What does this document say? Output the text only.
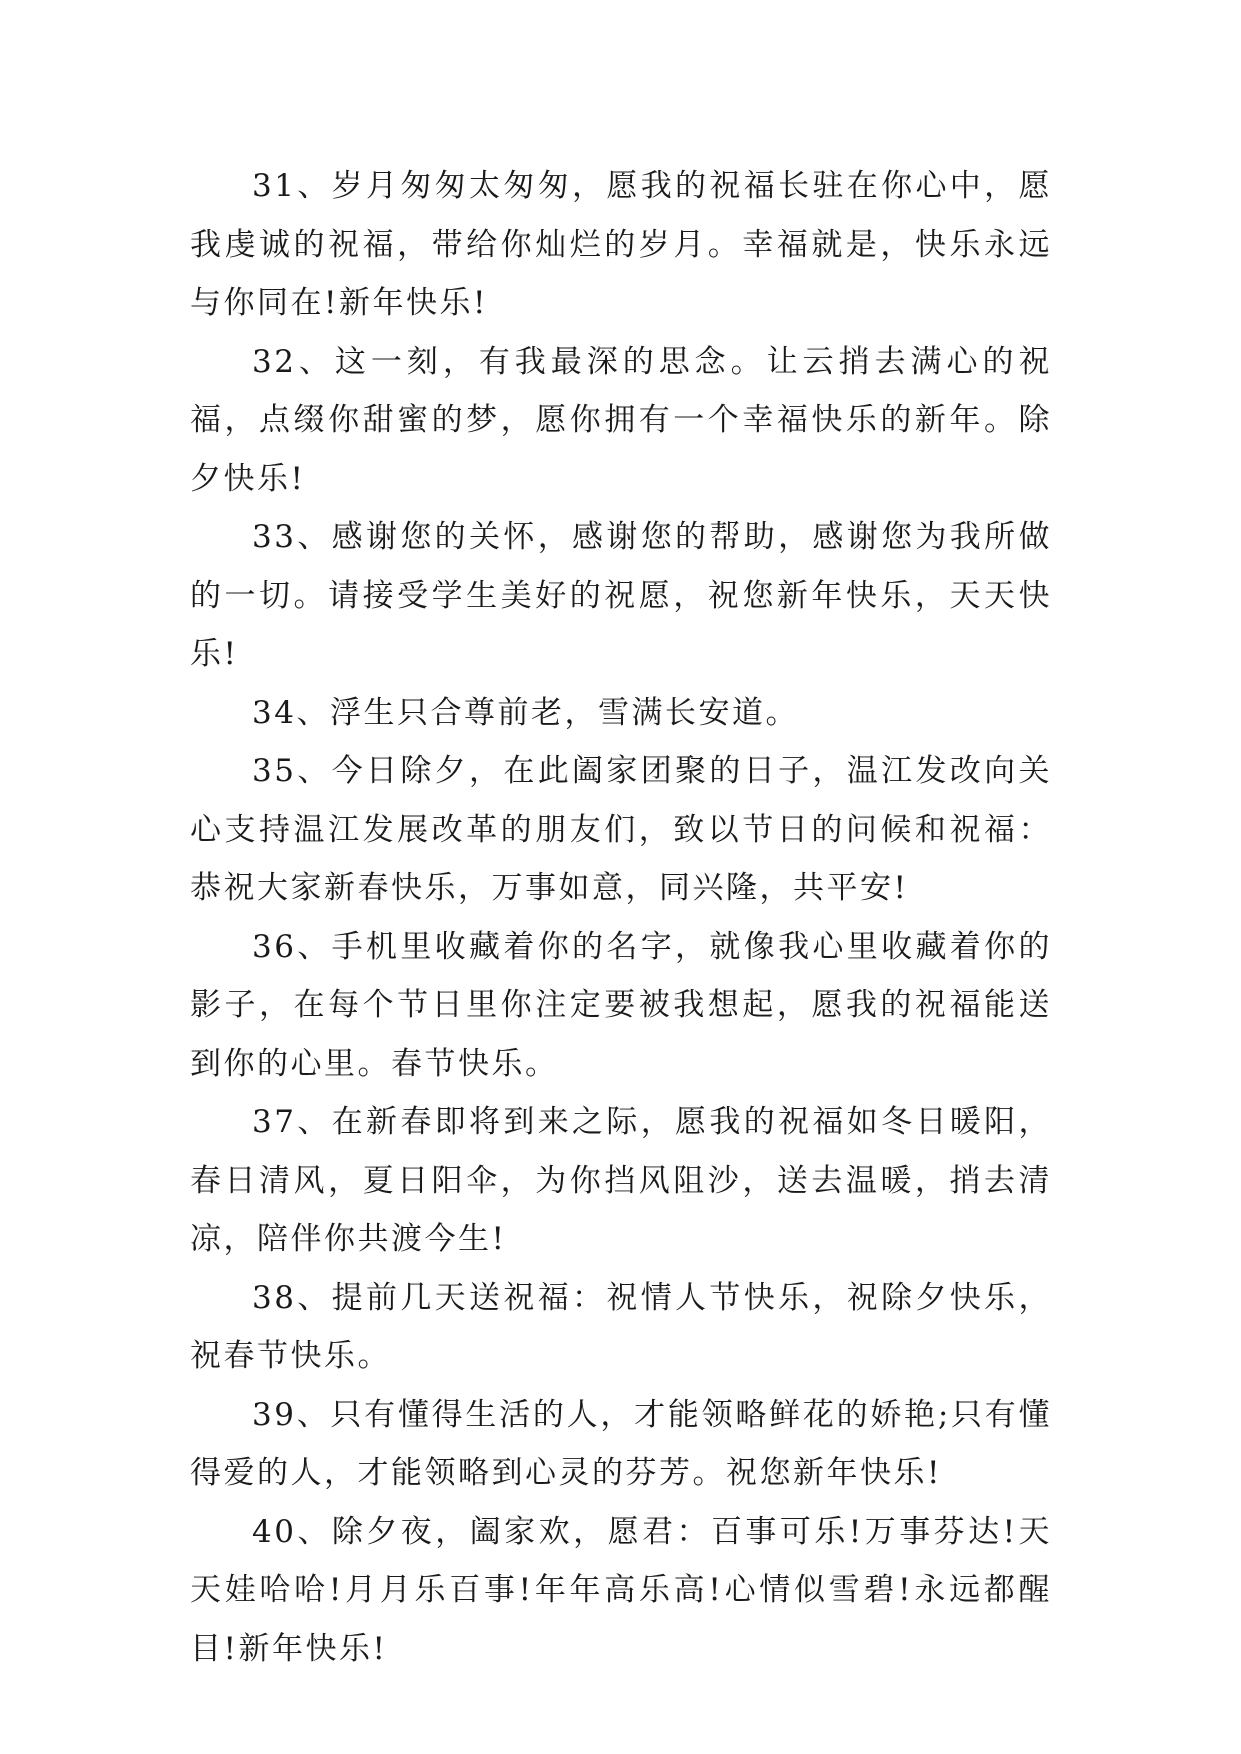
31、岁月匆匆太匆匆，愿我的祝福长驻在你心中，愿我虔诚的祝福，带给你灿烂的岁月。幸福就是，快乐永远与你同在!新年快乐!

32、这一刻，有我最深的思念。让云捎去满心的祝福，点缀你甜蜜的梦，愿你拥有一个幸福快乐的新年。除夕快乐!

33、感谢您的关怀，感谢您的帮助，感谢您为我所做的一切。请接受学生美好的祝愿，祝您新年快乐，天天快乐!

34、浮生只合尊前老，雪满长安道。

35、今日除夕，在此阖家团聚的日子，温江发改向关心支持温江发展改革的朋友们，致以节日的问候和祝福：恭祝大家新春快乐，万事如意，同兴隆，共平安!

36、手机里收藏着你的名字，就像我心里收藏着你的影子，在每个节日里你注定要被我想起，愿我的祝福能送到你的心里。春节快乐。

37、在新春即将到来之际，愿我的祝福如冬日暖阳，春日清风，夏日阳伞，为你挡风阻沙，送去温暖，捎去清凉，陪伴你共渡今生!

38、提前几天送祝福：祝情人节快乐，祝除夕快乐，祝春节快乐。

39、只有懂得生活的人，才能领略鲜花的娇艳;只有懂得爱的人，才能领略到心灵的芬芳。祝您新年快乐!

40、除夕夜，阖家欢，愿君：百事可乐!万事芬达!天天娃哈哈!月月乐百事!年年高乐高!心情似雪碧!永远都醒目!新年快乐!
